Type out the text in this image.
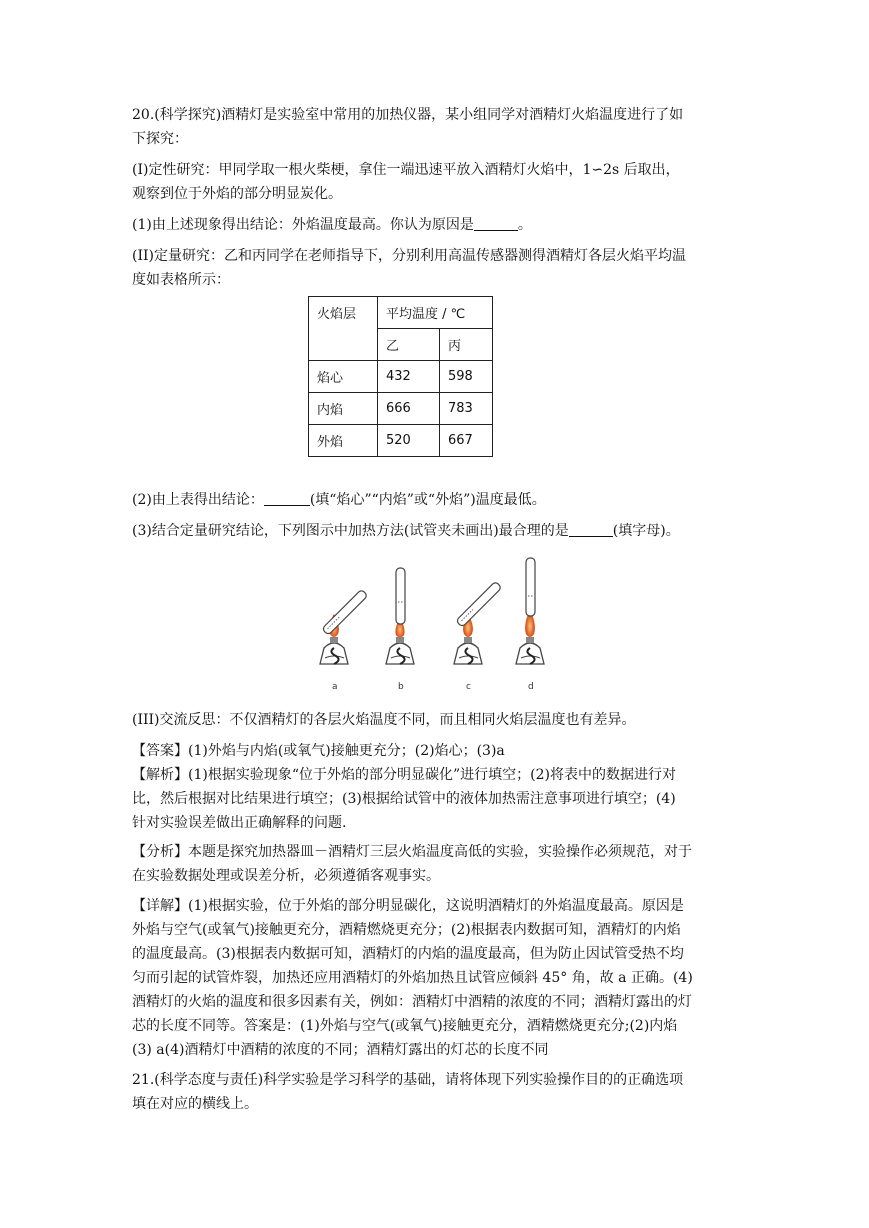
20.(科学探究)酒精灯是实验室中常用的加热仪器，某小组同学对酒精灯火焰温度进行了如
下探究：
(I)定性研究：甲同学取一根火柴梗，拿住一端迅速平放入酒精灯火焰中，1∽2s 后取出，
观察到位于外焰的部分明显炭化。
(1)由上述现象得出结论：外焰温度最高。你认为原因是	。
(II)定量研究：乙和丙同学在老师指导下，分别利用高温传感器测得酒精灯各层火焰平均温
度如表格所示：
火焰层	平均温度 / ℃	
	乙	丙
焰心	432	598
内焰	666	783
外焰	520	667
(2)由上表得出结论：	(填“焰心”“内焰”或“外焰”)温度最低。
(3)结合定量研究结论，下列图示中加热方法(试管夹未画出)最合理的是	(填字母)。
a	b	c	d
(III)交流反思：不仅酒精灯的各层火焰温度不同，而且相同火焰层温度也有差异。
【答案】(1)外焰与内焰(或氧气)接触更充分；(2)焰心；(3)a
【解析】(1)根据实验现象“位于外焰的部分明显碳化”进行填空；(2)将表中的数据进行对
比，然后根据对比结果进行填空；(3)根据给试管中的液体加热需注意事项进行填空；(4)
针对实验误差做出正确解释的问题.
【分析】本题是探究加热器皿－酒精灯三层火焰温度高低的实验，实验操作必须规范，对于
在实验数据处理或误差分析，必须遵循客观事实。
【详解】(1)根据实验，位于外焰的部分明显碳化，这说明酒精灯的外焰温度最高。原因是
外焰与空气(或氧气)接触更充分，酒精燃烧更充分；(2)根据表内数据可知，酒精灯的内焰
的温度最高。(3)根据表内数据可知，酒精灯的内焰的温度最高，但为防止因试管受热不均
匀而引起的试管炸裂，加热还应用酒精灯的外焰加热且试管应倾斜 45° 角，故 a 正确。(4)
酒精灯的火焰的温度和很多因素有关，例如：酒精灯中酒精的浓度的不同；酒精灯露出的灯
芯的长度不同等。答案是：(1)外焰与空气(或氧气)接触更充分，酒精燃烧更充分;(2)内焰
(3) a(4)酒精灯中酒精的浓度的不同；酒精灯露出的灯芯的长度不同
21.(科学态度与责任)科学实验是学习科学的基础，请将体现下列实验操作目的的正确选项
填在对应的横线上。
